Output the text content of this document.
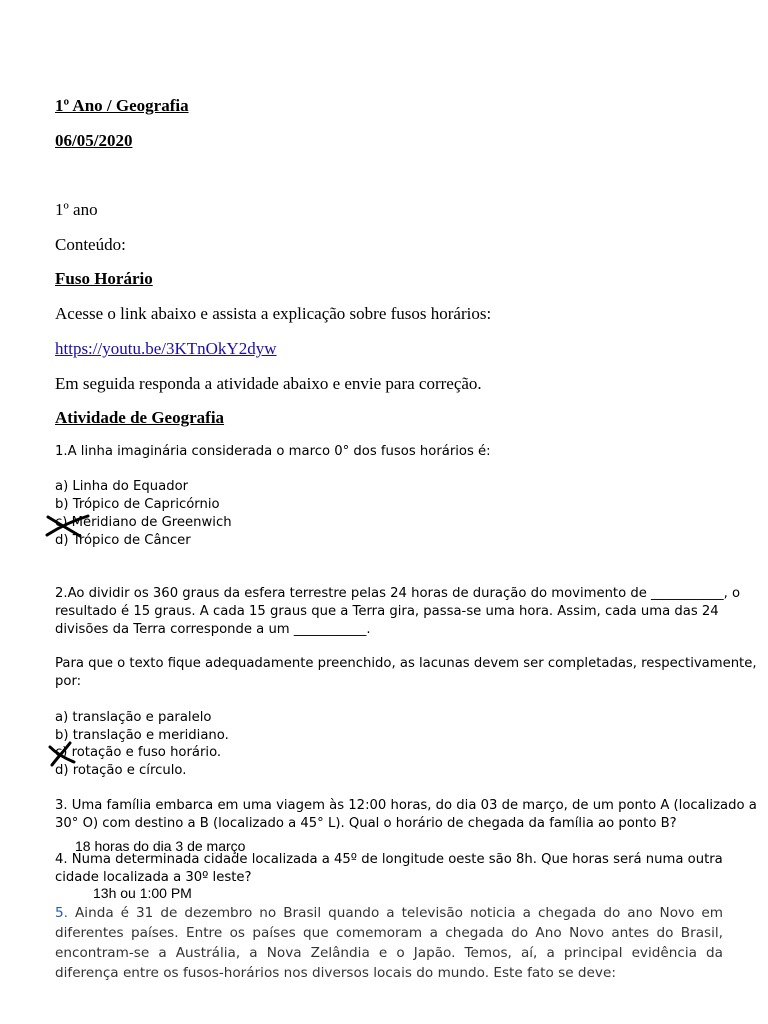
1º Ano / Geografia
06/05/2020
1º ano
Conteúdo:
Fuso Horário
Acesse o link abaixo e assista a explicação sobre fusos horários:
https://youtu.be/3KTnOkY2dyw
Em seguida responda a atividade abaixo e envie para correção.
Atividade de Geografia
1.A linha imaginária considerada o marco 0° dos fusos horários é:
a) Linha do Equador
b) Trópico de Capricórnio
c) Meridiano de Greenwich
d) Trópico de Câncer
2.Ao dividir os 360 graus da esfera terrestre pelas 24 horas de duração do movimento de ___________, o
resultado é 15 graus. A cada 15 graus que a Terra gira, passa-se uma hora. Assim, cada uma das 24
divisões da Terra corresponde a um ___________.
Para que o texto fique adequadamente preenchido, as lacunas devem ser completadas, respectivamente,
por:
a) translação e paralelo
b) translação e meridiano.
c) rotação e fuso horário.
d) rotação e círculo.
3. Uma família embarca em uma viagem às 12:00 horas, do dia 03 de março, de um ponto A (localizado a
30° O) com destino a B (localizado a 45° L). Qual o horário de chegada da família ao ponto B?
18 horas do dia 3 de março
4. Numa determinada cidade localizada a 45º de longitude oeste são 8h. Que horas será numa outra
cidade localizada a 30º leste?
13h ou 1:00 PM
5. Ainda é 31 de dezembro no Brasil quando a televisão noticia a chegada do ano Novo em diferentes países. Entre os países que comemoram a chegada do Ano Novo antes do Brasil, encontram-se a Austrália, a Nova Zelândia e o Japão. Temos, aí, a principal evidência da diferença entre os fusos-horários nos diversos locais do mundo. Este fato se deve:
